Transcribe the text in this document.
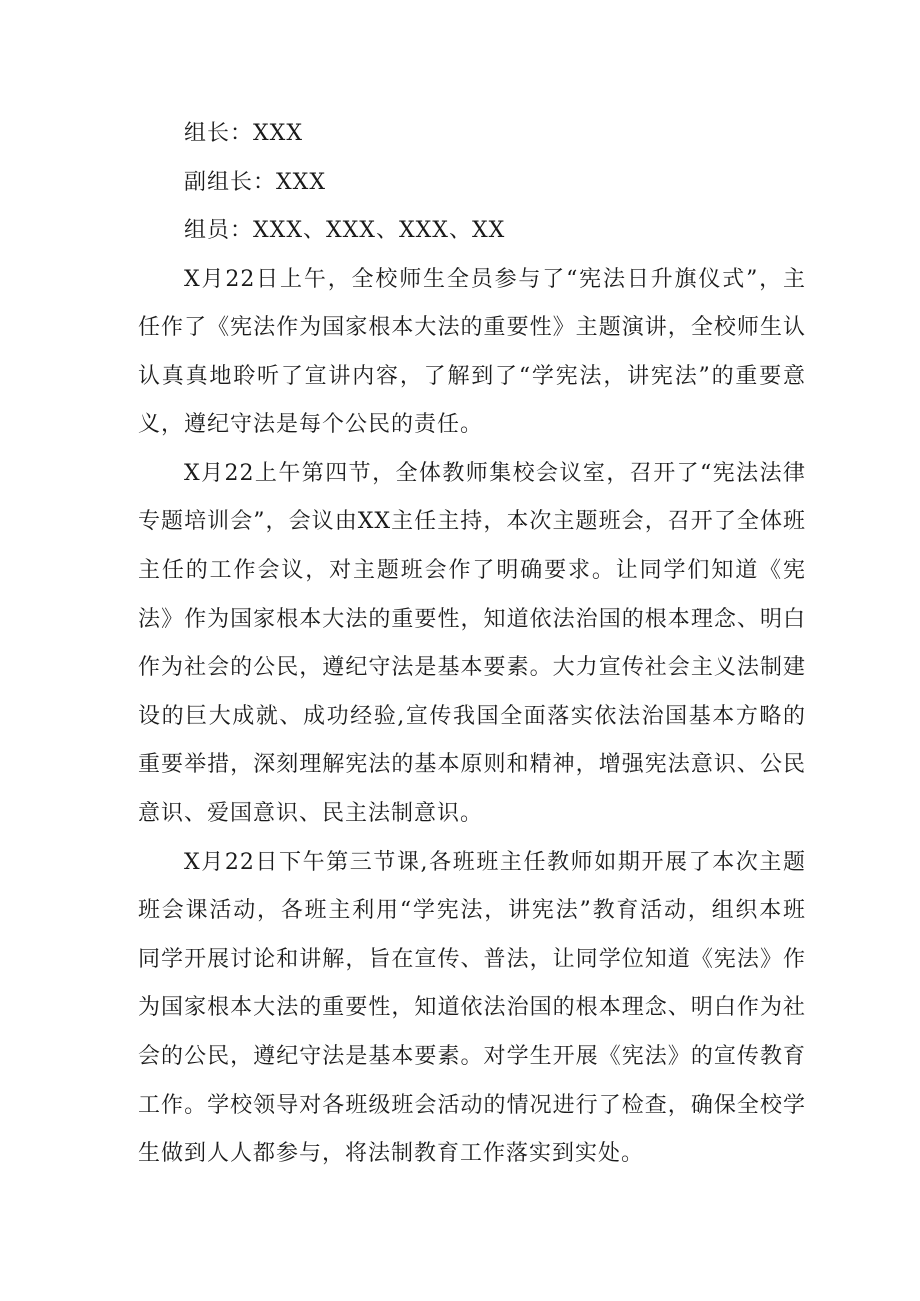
组长：XXX

副组长：XXX

组员：XXX、XXX、XXX、XX

X月22日上午，全校师生全员参与了“宪法日升旗仪式”，主任作了《宪法作为国家根本大法的重要性》主题演讲，全校师生认认真真地聆听了宣讲内容，了解到了“学宪法，讲宪法”的重要意义，遵纪守法是每个公民的责任。

X月22上午第四节，全体教师集校会议室，召开了“宪法法律专题培训会”，会议由XX主任主持，本次主题班会，召开了全体班主任的工作会议，对主题班会作了明确要求。让同学们知道《宪法》作为国家根本大法的重要性，知道依法治国的根本理念、明白作为社会的公民，遵纪守法是基本要素。大力宣传社会主义法制建设的巨大成就、成功经验,宣传我国全面落实依法治国基本方略的重要举措，深刻理解宪法的基本原则和精神，增强宪法意识、公民意识、爱国意识、民主法制意识。

X月22日下午第三节课,各班班主任教师如期开展了本次主题班会课活动，各班主利用“学宪法，讲宪法”教育活动，组织本班同学开展讨论和讲解，旨在宣传、普法，让同学位知道《宪法》作为国家根本大法的重要性，知道依法治国的根本理念、明白作为社会的公民，遵纪守法是基本要素。对学生开展《宪法》的宣传教育工作。学校领导对各班级班会活动的情况进行了检查，确保全校学生做到人人都参与，将法制教育工作落实到实处。
